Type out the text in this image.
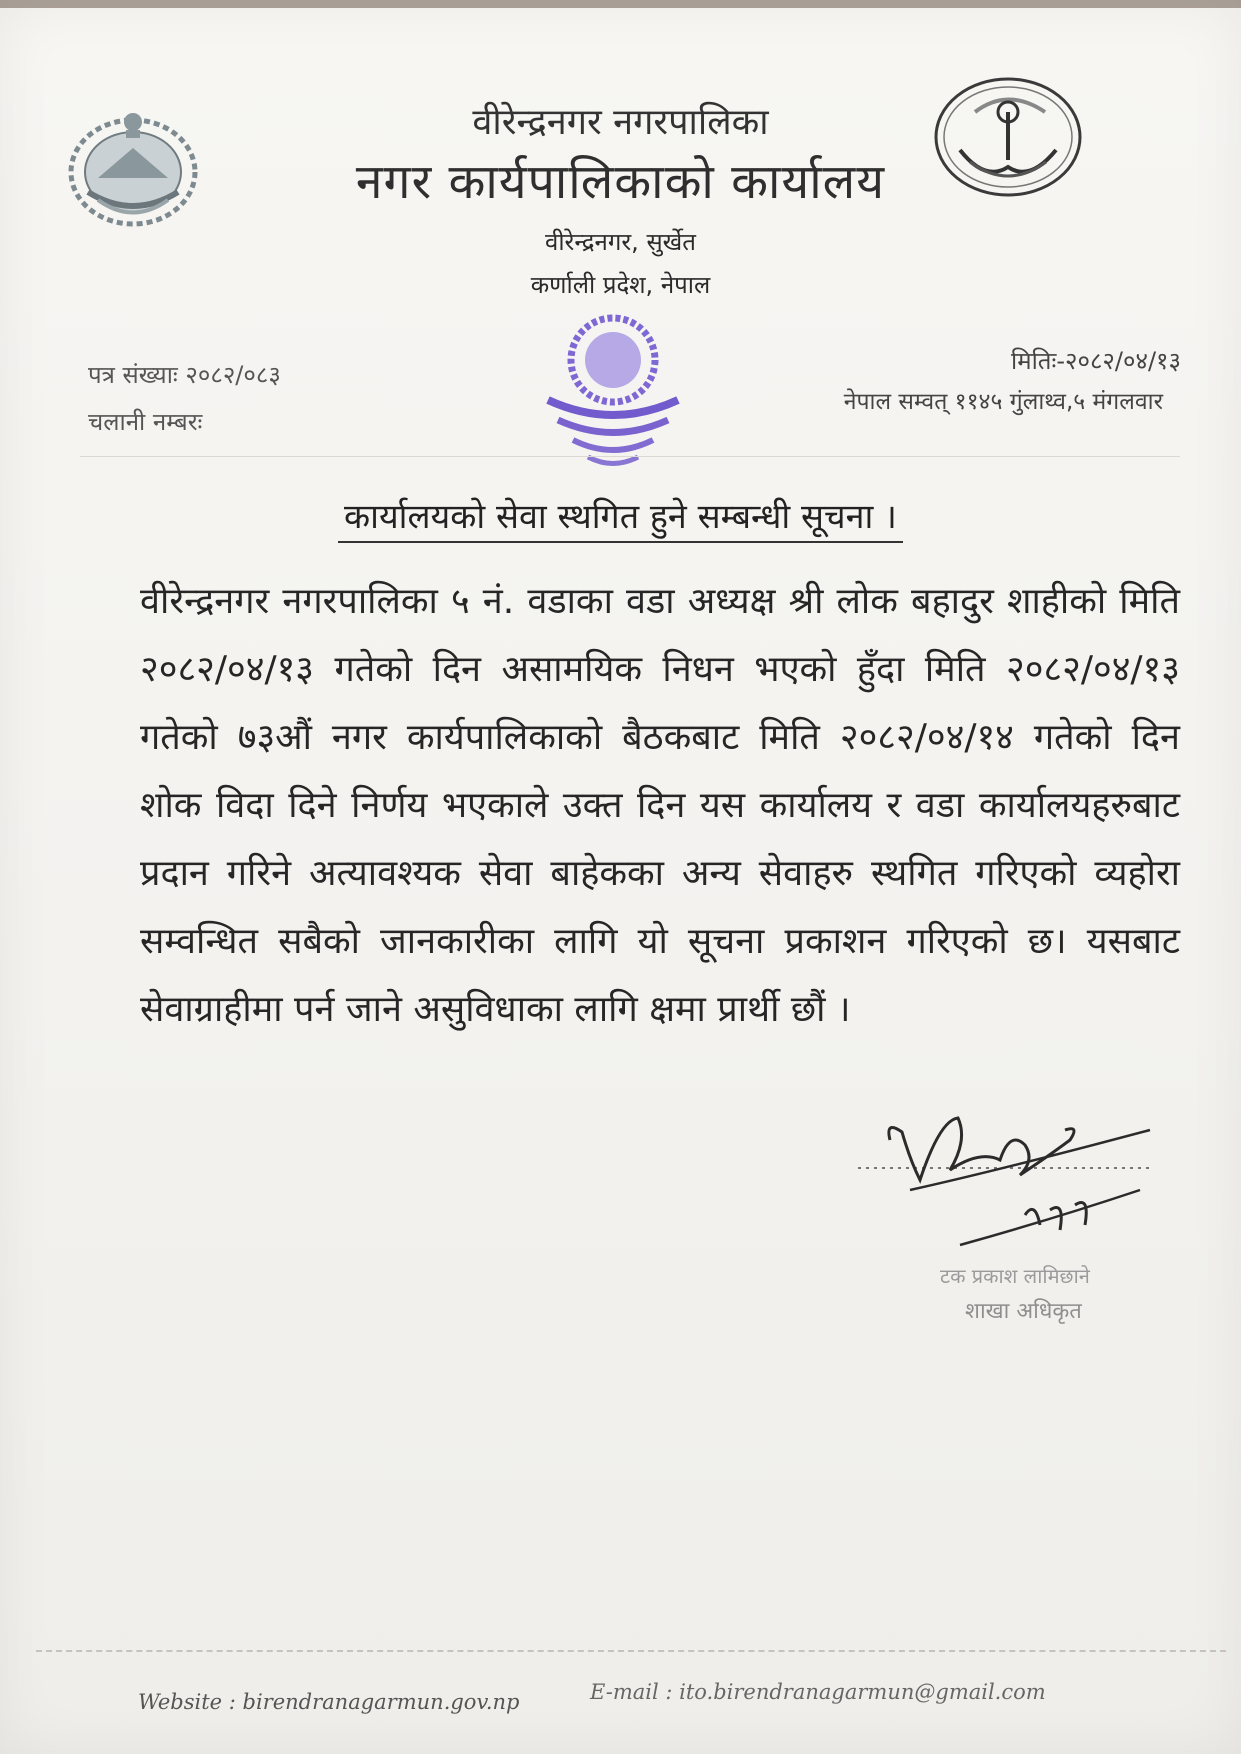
वीरेन्द्रनगर नगरपालिका
नगर कार्यपालिकाको कार्यालय
वीरेन्द्रनगर, सुर्खेत
कर्णाली प्रदेश, नेपाल
पत्र संख्याः २०८२/०८३
चलानी नम्बरः
मितिः-२०८२/०४/१३
नेपाल सम्वत् ११४५ गुंलाथ्व,५ मंगलवार
कार्यालयको सेवा स्थगित हुने सम्बन्धी सूचना ।
वीरेन्द्रनगर नगरपालिका ५ नं. वडाका वडा अध्यक्ष श्री लोक बहादुर शाहीको मिति २०८२/०४/१३ गतेको दिन असामयिक निधन भएको हुँदा मिति २०८२/०४/१३ गतेको ७३औं नगर कार्यपालिकाको बैठकबाट मिति २०८२/०४/१४ गतेको दिन शोक विदा दिने निर्णय भएकाले उक्त दिन यस कार्यालय र वडा कार्यालयहरुबाट प्रदान गरिने अत्यावश्यक सेवा बाहेकका अन्य सेवाहरु स्थगित गरिएको व्यहोरा सम्वन्धित सबैको जानकारीका लागि यो सूचना प्रकाशन गरिएको छ। यसबाट सेवाग्राहीमा पर्न जाने असुविधाका लागि क्षमा प्रार्थी छौं ।
टक प्रकाश लामिछाने
शाखा अधिकृत
Website : birendranagarmun.gov.np	E-mail : ito.birendranagarmun@gmail.com
